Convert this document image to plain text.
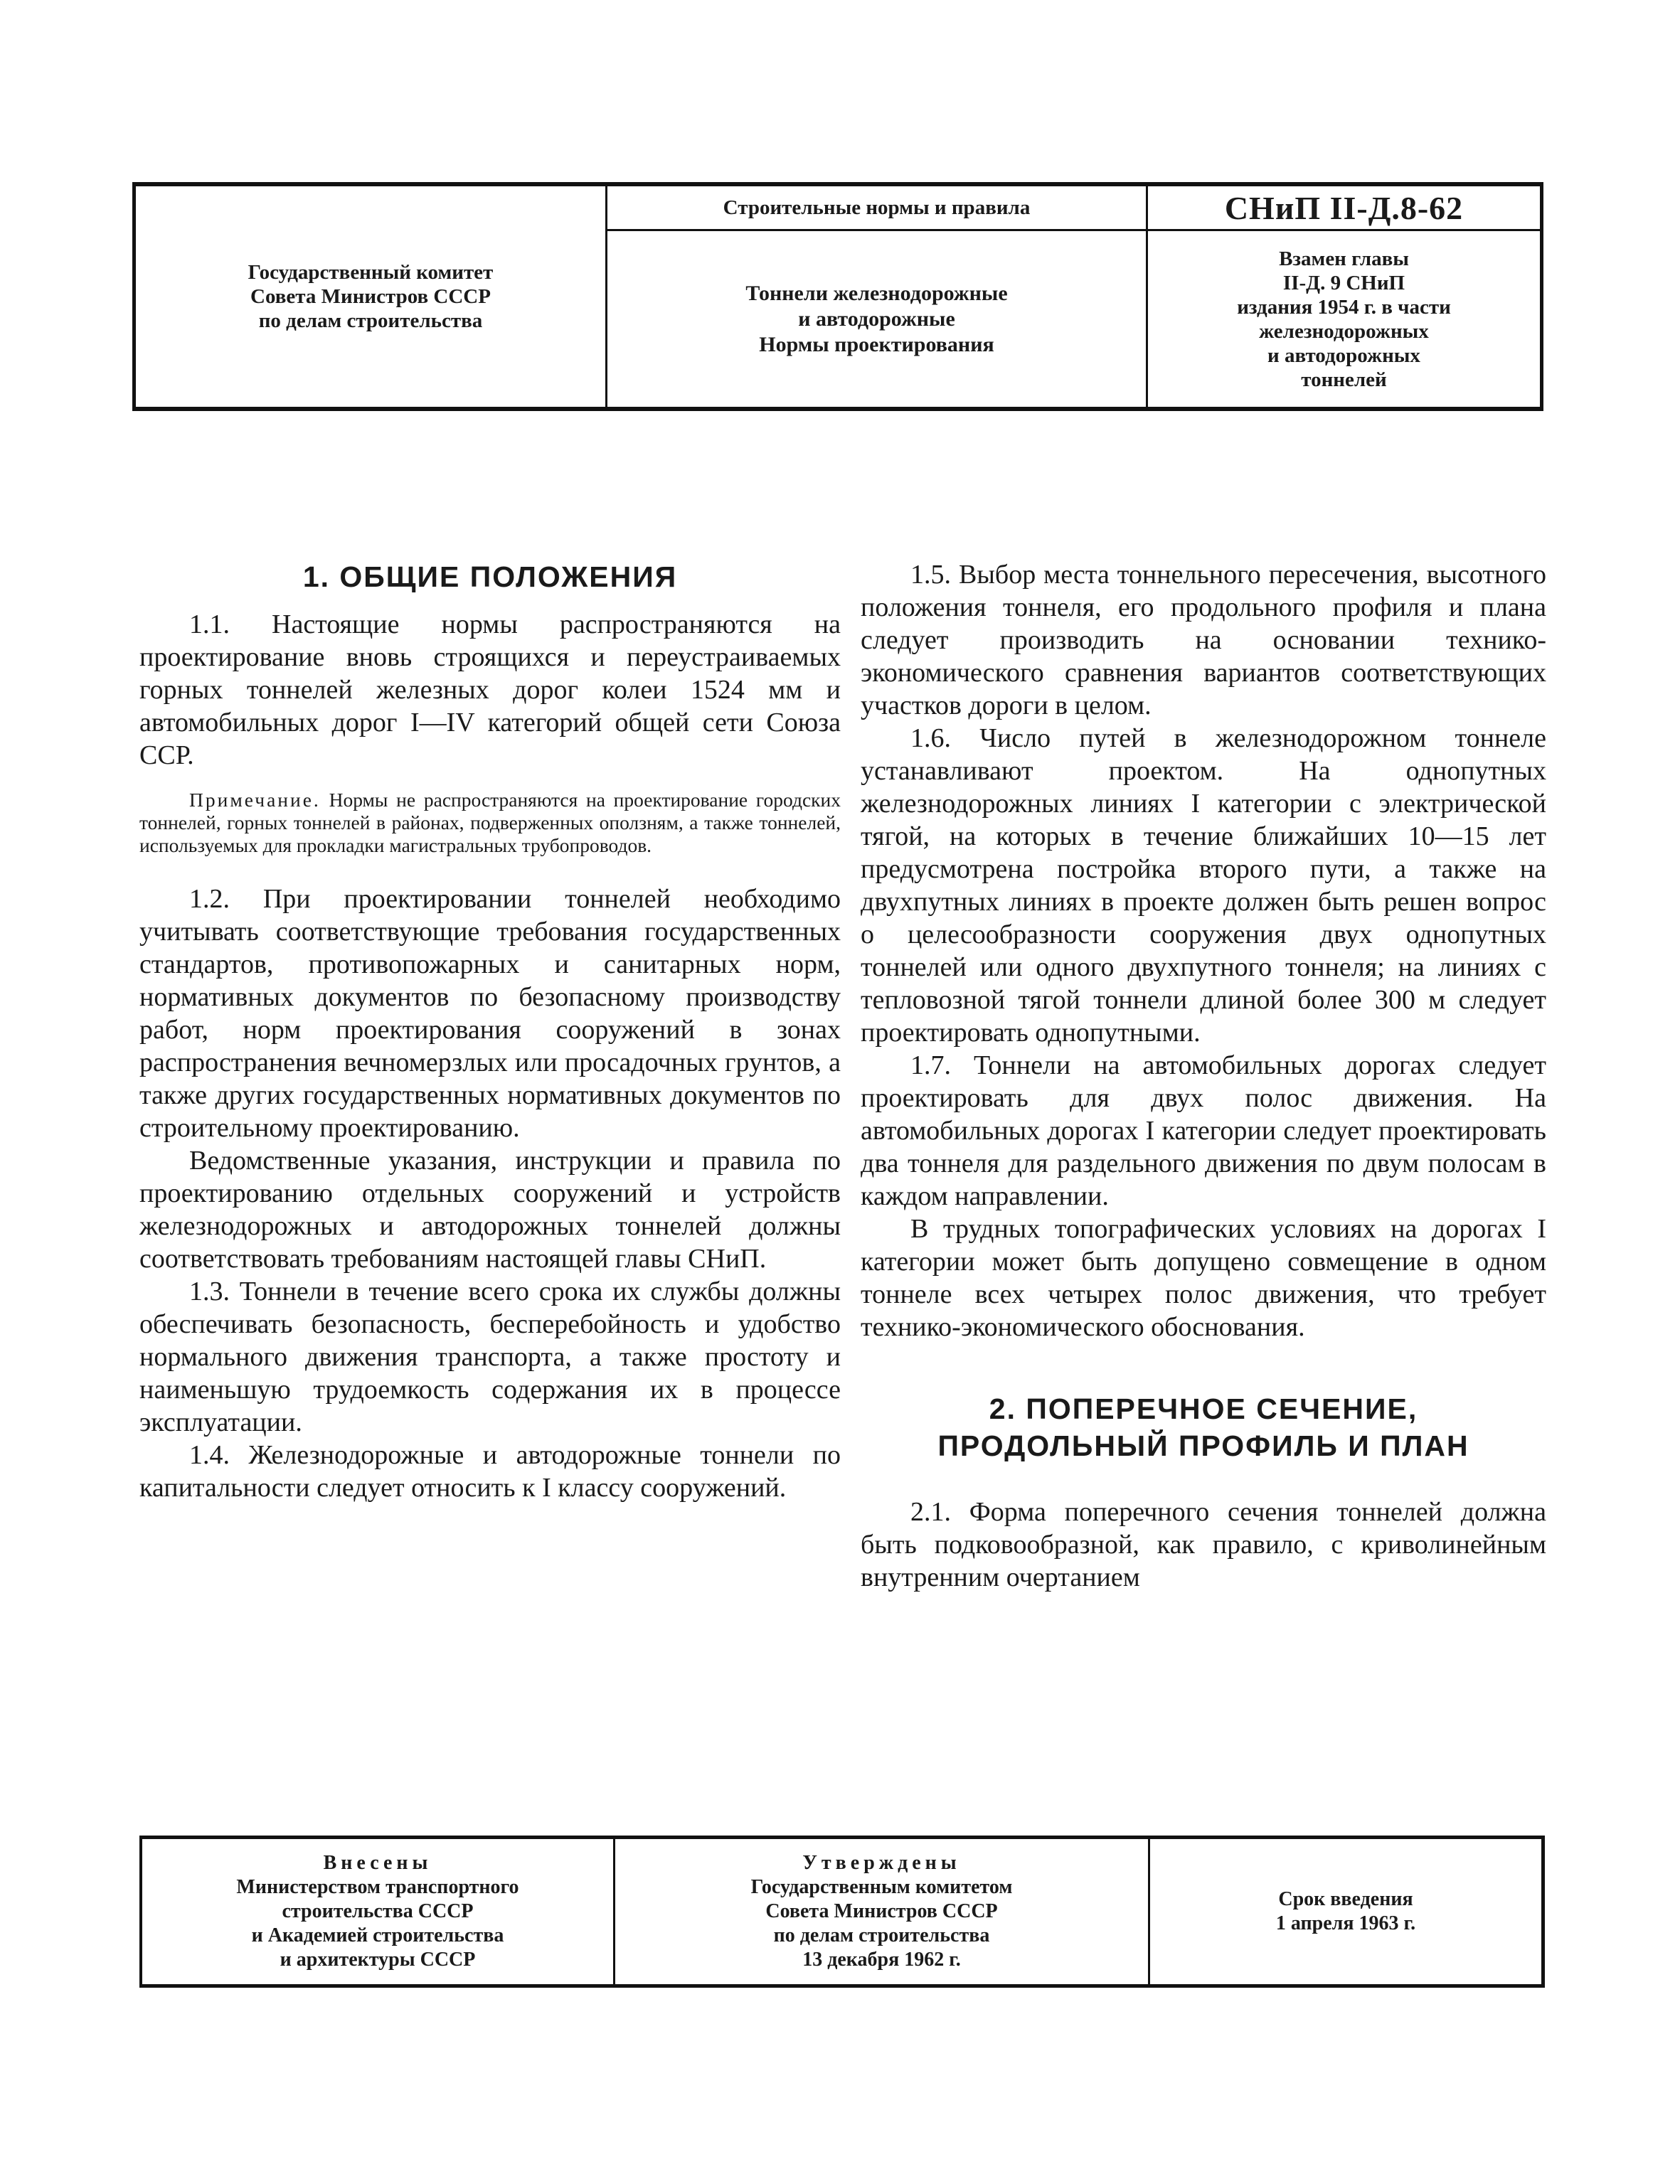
Государственный комитет
Совета Министров СССР
по делам строительства
Строительные нормы и правила	СНиП II-Д.8-62
Тоннели железнодорожные
и автодорожные
Нормы проектирования
Взамен главы
II-Д. 9 СНиП
издания 1954 г. в части
железнодорожных
и автодорожных
тоннелей
1. ОБЩИЕ ПОЛОЖЕНИЯ

1.1. Настоящие нормы распространяются на проектирование вновь строящихся и переустраиваемых горных тоннелей железных дорог колеи 1524 мм и автомобильных дорог I—IV категорий общей сети Союза ССР.

Примечание. Нормы не распространяются на проектирование городских тоннелей, горных тоннелей в районах, подверженных оползням, а также тоннелей, используемых для прокладки магистральных трубопроводов.

1.2. При проектировании тоннелей необходимо учитывать соответствующие требования государственных стандартов, противопожарных и санитарных норм, нормативных документов по безопасному производству работ, норм проектирования сооружений в зонах распространения вечномерзлых или просадочных грунтов, а также других государственных нормативных документов по строительному проектированию.

Ведомственные указания, инструкции и правила по проектированию отдельных сооружений и устройств железнодорожных и автодорожных тоннелей должны соответствовать требованиям настоящей главы СНиП.

1.3. Тоннели в течение всего срока их службы должны обеспечивать безопасность, бесперебойность и удобство нормального движения транспорта, а также простоту и наименьшую трудоемкость содержания их в процессе эксплуатации.

1.4. Железнодорожные и автодорожные тоннели по капитальности следует относить к I классу сооружений.

1.5. Выбор места тоннельного пересечения, высотного положения тоннеля, его продольного профиля и плана следует производить на основании технико-экономического сравнения вариантов соответствующих участков дороги в целом.

1.6. Число путей в железнодорожном тоннеле устанавливают проектом. На однопутных железнодорожных линиях I категории с электрической тягой, на которых в течение ближайших 10—15 лет предусмотрена постройка второго пути, а также на двухпутных линиях в проекте должен быть решен вопрос о целесообразности сооружения двух однопутных тоннелей или одного двухпутного тоннеля; на линиях с тепловозной тягой тоннели длиной более 300 м следует проектировать однопутными.

1.7. Тоннели на автомобильных дорогах следует проектировать для двух полос движения. На автомобильных дорогах I категории следует проектировать два тоннеля для раздельного движения по двум полосам в каждом направлении.

В трудных топографических условиях на дорогах I категории может быть допущено совмещение в одном тоннеле всех четырех полос движения, что требует технико-экономического обоснования.

2. ПОПЕРЕЧНОЕ СЕЧЕНИЕ,
ПРОДОЛЬНЫЙ ПРОФИЛЬ И ПЛАН

2.1. Форма поперечного сечения тоннелей должна быть подковообразной, как правило, с криволинейным внутренним очертанием

Внесены
Министерством транспортного
строительства СССР
и Академией строительства
и архитектуры СССР
Утверждены
Государственным комитетом
Совета Министров СССР
по делам строительства
13 декабря 1962 г.
Срок введения
1 апреля 1963 г.
